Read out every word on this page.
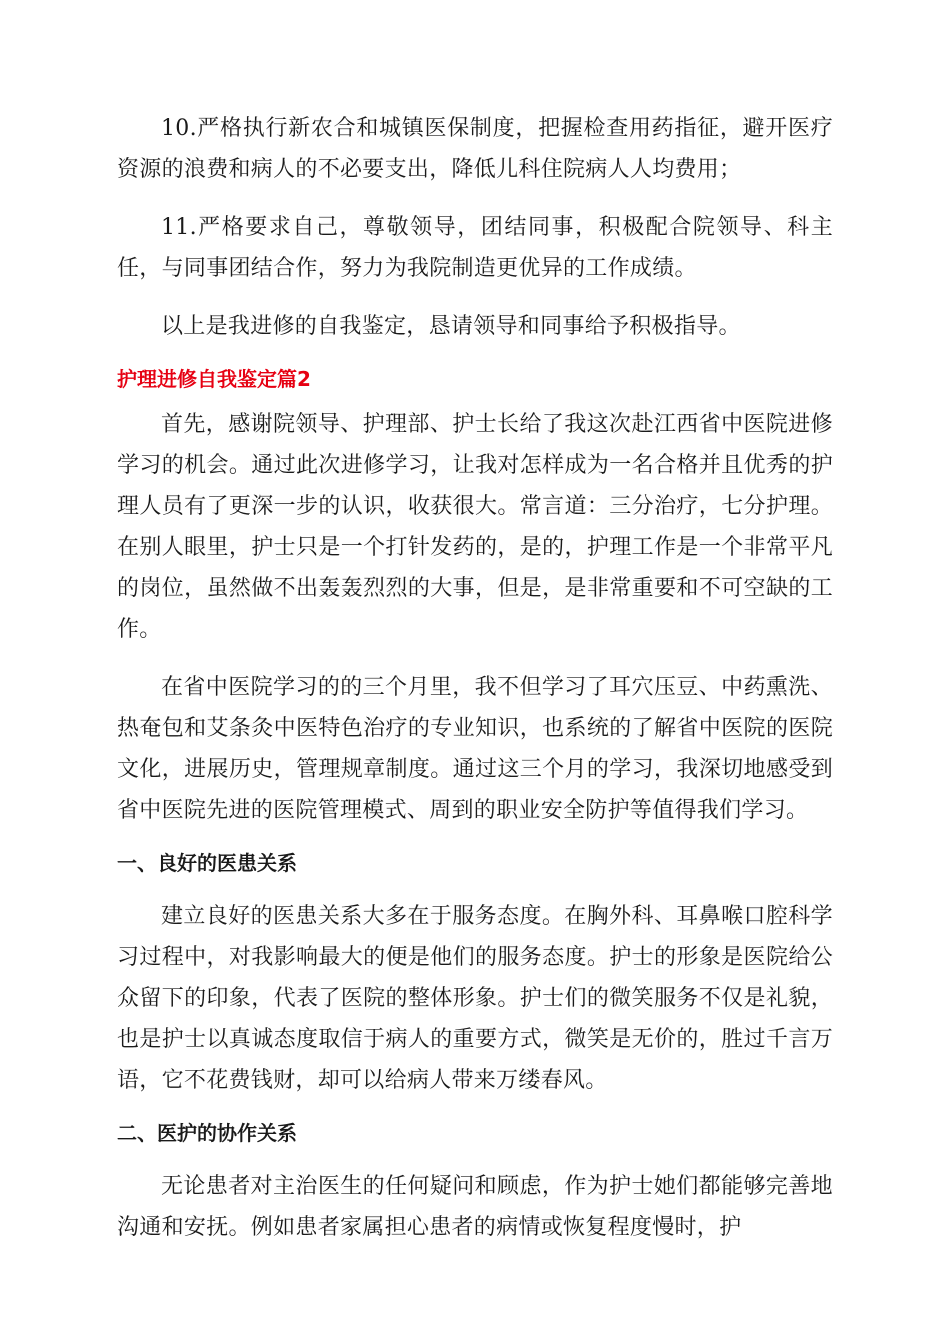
10.严格执行新农合和城镇医保制度，把握检查用药指征，避开医疗资源的浪费和病人的不必要支出，降低儿科住院病人人均费用；

11.严格要求自己，尊敬领导，团结同事，积极配合院领导、科主任，与同事团结合作，努力为我院制造更优异的工作成绩。

以上是我进修的自我鉴定，恳请领导和同事给予积极指导。

护理进修自我鉴定篇2

首先，感谢院领导、护理部、护士长给了我这次赴江西省中医院进修学习的机会。通过此次进修学习，让我对怎样成为一名合格并且优秀的护理人员有了更深一步的认识，收获很大。常言道：三分治疗，七分护理。在别人眼里，护士只是一个打针发药的，是的，护理工作是一个非常平凡的岗位，虽然做不出轰轰烈烈的大事，但是，是非常重要和不可空缺的工作。

在省中医院学习的的三个月里，我不但学习了耳穴压豆、中药熏洗、热奄包和艾条灸中医特色治疗的专业知识，也系统的了解省中医院的医院文化，进展历史，管理规章制度。通过这三个月的学习，我深切地感受到省中医院先进的医院管理模式、周到的职业安全防护等值得我们学习。

一、良好的医患关系

建立良好的医患关系大多在于服务态度。在胸外科、耳鼻喉口腔科学习过程中，对我影响最大的便是他们的服务态度。护士的形象是医院给公众留下的印象，代表了医院的整体形象。护士们的微笑服务不仅是礼貌，也是护士以真诚态度取信于病人的重要方式，微笑是无价的，胜过千言万语，它不花费钱财，却可以给病人带来万缕春风。

二、医护的协作关系

无论患者对主治医生的任何疑问和顾虑，作为护士她们都能够完善地沟通和安抚。例如患者家属担心患者的病情或恢复程度慢时，护
